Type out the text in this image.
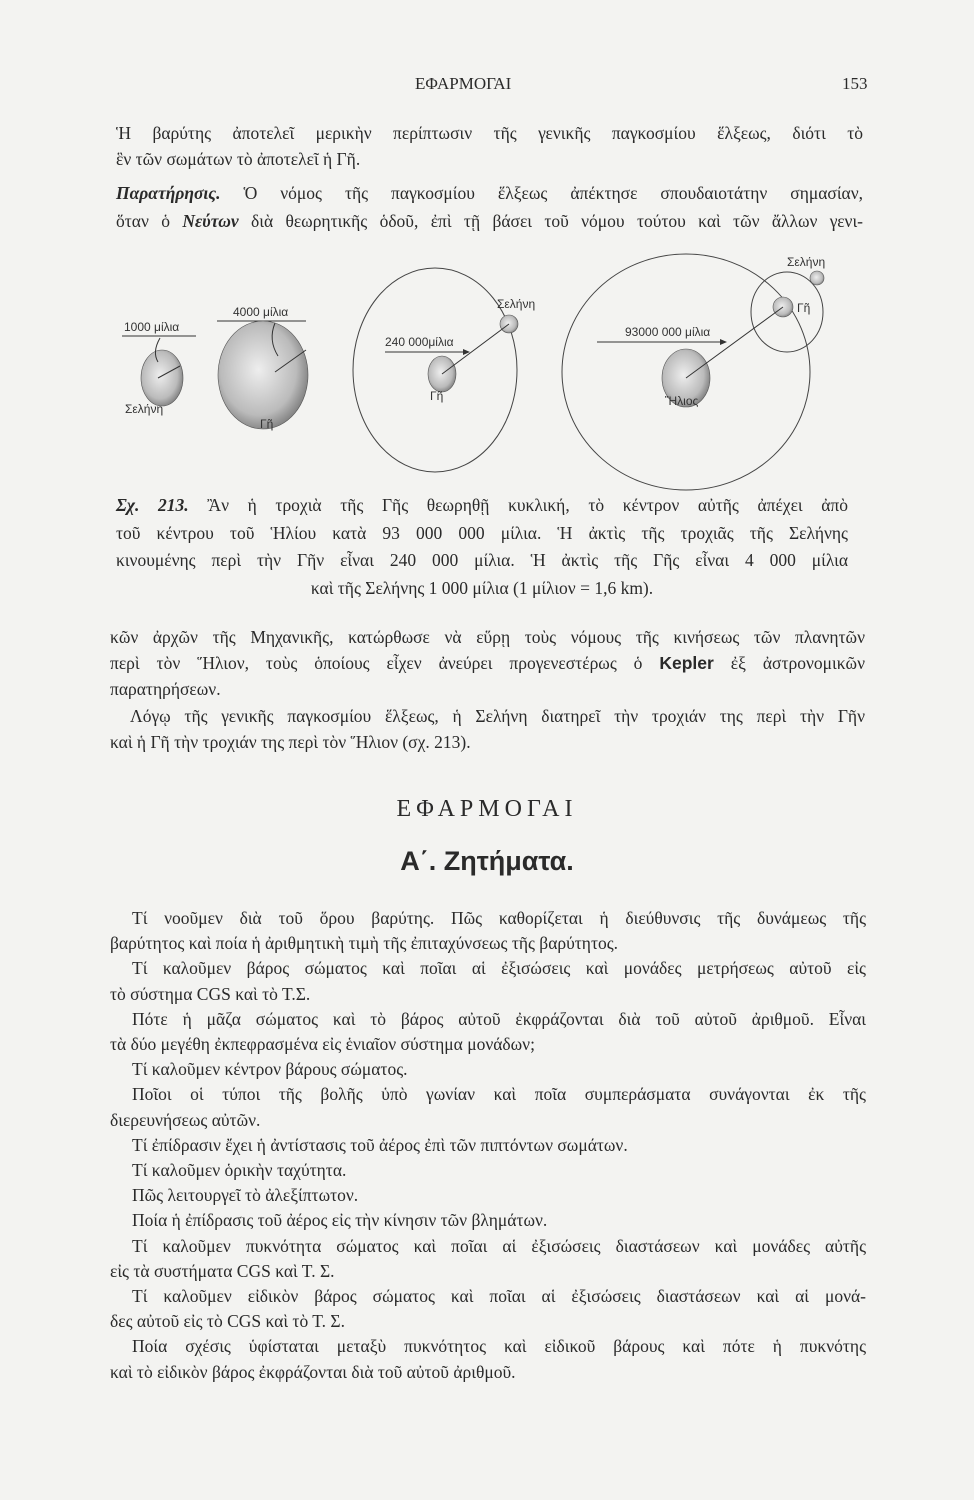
ΕΦΑΡΜΟΓΑΙ	153
Ἡ βαρύτης ἀποτελεῖ μερικὴν περίπτωσιν τῆς γενικῆς παγκοσμίου ἕλξεως, διότι τὸ
ἓν τῶν σωμάτων τὸ ἀποτελεῖ ἡ Γῆ.
Παρατήρησις. Ὁ νόμος τῆς παγκοσμίου ἕλξεως ἀπέκτησε σπουδαιοτάτην σημασίαν,
ὅταν ὁ Νεύτων διὰ θεωρητικῆς ὁδοῦ, ἐπὶ τῇ βάσει τοῦ νόμου τούτου καὶ τῶν ἄλλων γενι-
1000 μίλια
Σελήνη
4000 μίλια
Γῆ
240 000μίλια
Σελήνη
Γῆ
93000 000 μίλια
Σελήνη
Γῆ
Ἥλιος
Σχ. 213. Ἂν ἡ τροχιὰ τῆς Γῆς θεωρηθῇ κυκλική, τὸ κέντρον αὐτῆς ἀπέχει ἀπὸ
τοῦ κέντρου τοῦ Ἡλίου κατὰ 93 000 000 μίλια. Ἡ ἀκτὶς τῆς τροχιᾶς τῆς Σελήνης
κινουμένης περὶ τὴν Γῆν εἶναι 240 000 μίλια. Ἡ ἀκτὶς τῆς Γῆς εἶναι 4 000 μίλια
καὶ τῆς Σελήνης 1 000 μίλια (1 μίλιον = 1,6 km).
κῶν ἀρχῶν τῆς Μηχανικῆς, κατώρθωσε νὰ εὕρῃ τοὺς νόμους τῆς κινήσεως τῶν πλανητῶν
περὶ τὸν Ἥλιον, τοὺς ὁποίους εἶχεν ἀνεύρει προγενεστέρως ὁ Kepler ἐξ ἀστρονομικῶν
παρατηρήσεων.
Λόγῳ τῆς γενικῆς παγκοσμίου ἕλξεως, ἡ Σελήνη διατηρεῖ τὴν τροχιάν της περὶ τὴν Γῆν
καὶ ἡ Γῆ τὴν τροχιάν της περὶ τὸν Ἥλιον (σχ. 213).
ΕΦΑΡΜΟΓΑΙ
Α΄. Ζητήματα.
Τί νοοῦμεν διὰ τοῦ ὅρου βαρύτης. Πῶς καθορίζεται ἡ διεύθυνσις τῆς δυνάμεως τῆς
βαρύτητος καὶ ποία ἡ ἀριθμητικὴ τιμὴ τῆς ἐπιταχύνσεως τῆς βαρύτητος.
Τί καλοῦμεν βάρος σώματος καὶ ποῖαι αἱ ἐξισώσεις καὶ μονάδες μετρήσεως αὐτοῦ εἰς
τὸ σύστημα CGS καὶ τὸ Τ.Σ.
Πότε ἡ μᾶζα σώματος καὶ τὸ βάρος αὐτοῦ ἐκφράζονται διὰ τοῦ αὐτοῦ ἀριθμοῦ. Εἶναι
τὰ δύο μεγέθη ἐκπεφρασμένα εἰς ἑνιαῖον σύστημα μονάδων;
Τί καλοῦμεν κέντρον βάρους σώματος.
Ποῖοι οἱ τύποι τῆς βολῆς ὑπὸ γωνίαν καὶ ποῖα συμπεράσματα συνάγονται ἐκ τῆς
διερευνήσεως αὐτῶν.
Τί ἐπίδρασιν ἔχει ἡ ἀντίστασις τοῦ ἀέρος ἐπὶ τῶν πιπτόντων σωμάτων.
Τί καλοῦμεν ὁρικὴν ταχύτητα.
Πῶς λειτουργεῖ τὸ ἀλεξίπτωτον.
Ποία ἡ ἐπίδρασις τοῦ ἀέρος εἰς τὴν κίνησιν τῶν βλημάτων.
Τί καλοῦμεν πυκνότητα σώματος καὶ ποῖαι αἱ ἐξισώσεις διαστάσεων καὶ μονάδες αὐτῆς
εἰς τὰ συστήματα CGS καὶ Τ. Σ.
Τί καλοῦμεν εἰδικὸν βάρος σώματος καὶ ποῖαι αἱ ἐξισώσεις διαστάσεων καὶ αἱ μονά-
δες αὐτοῦ εἰς τὸ CGS καὶ τὸ Τ. Σ.
Ποία σχέσις ὑφίσταται μεταξὺ πυκνότητος καὶ εἰδικοῦ βάρους καὶ πότε ἡ πυκνότης
καὶ τὸ εἰδικὸν βάρος ἐκφράζονται διὰ τοῦ αὐτοῦ ἀριθμοῦ.
